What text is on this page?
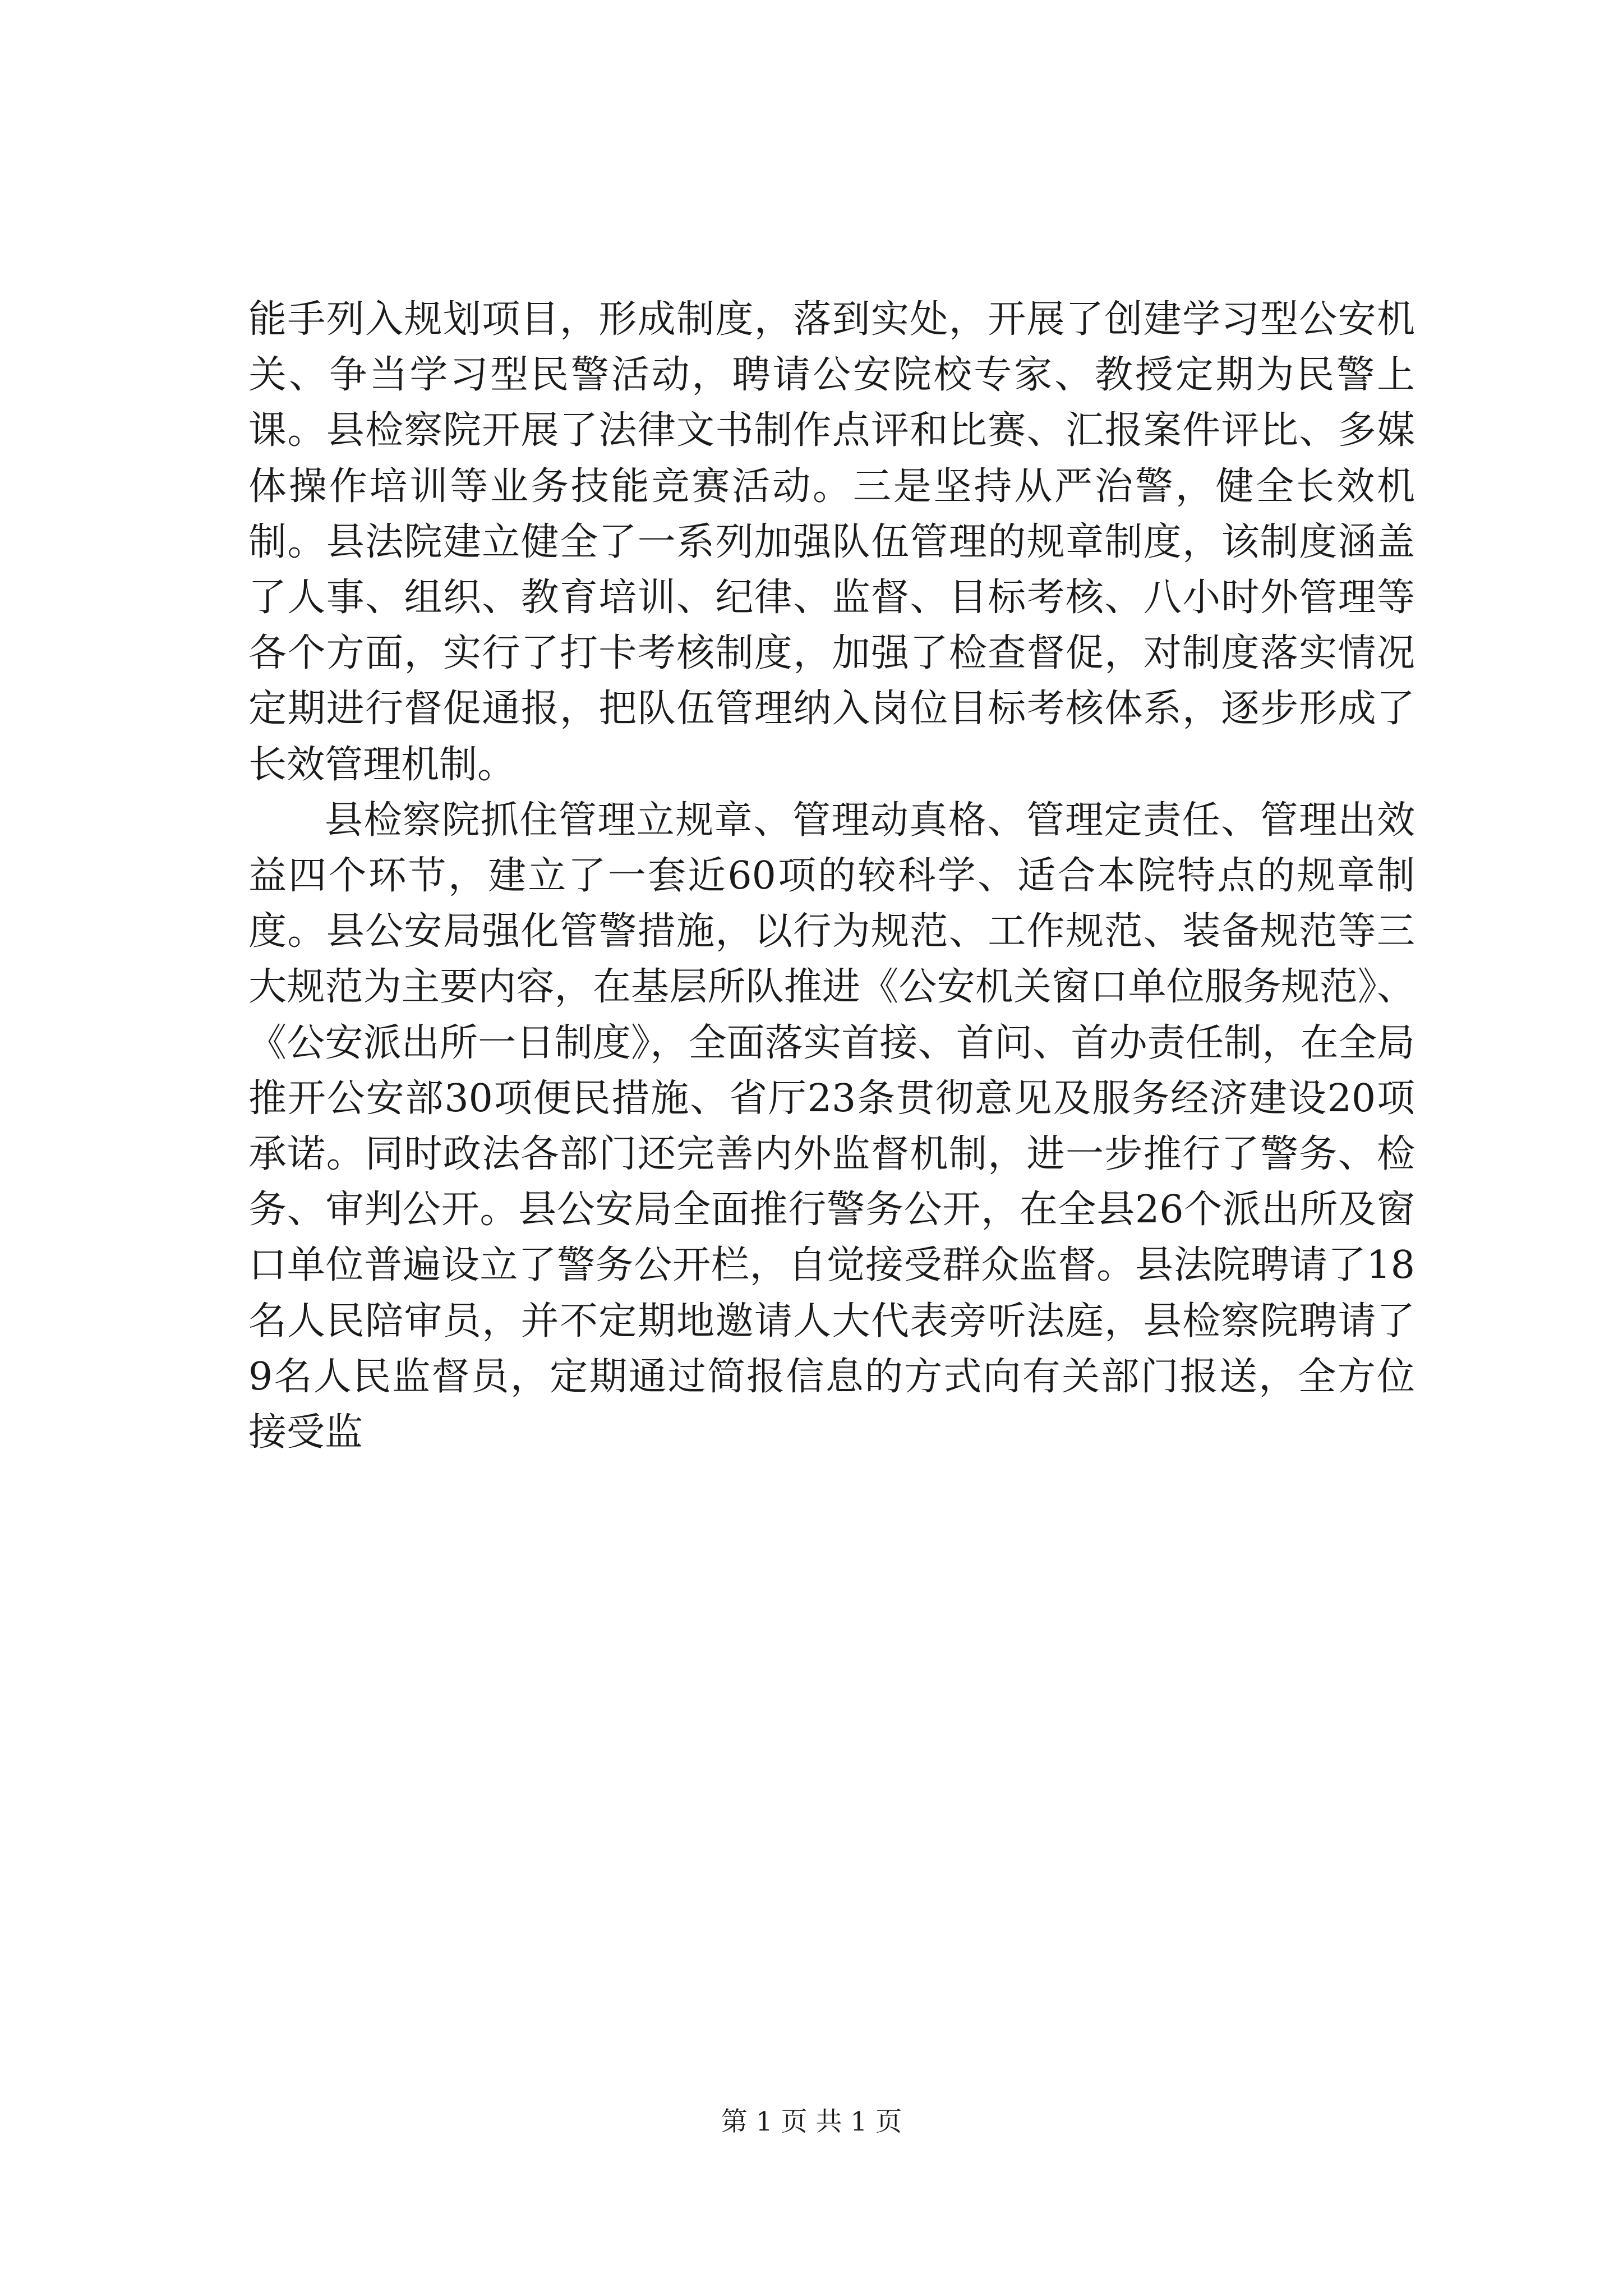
能手列入规划项目，形成制度，落到实处，开展了创建学习型公安机关、争当学习型民警活动，聘请公安院校专家、教授定期为民警上课。县检察院开展了法律文书制作点评和比赛、汇报案件评比、多媒体操作培训等业务技能竞赛活动。三是坚持从严治警，健全长效机制。县法院建立健全了一系列加强队伍管理的规章制度，该制度涵盖了人事、组织、教育培训、纪律、监督、目标考核、八小时外管理等各个方面，实行了打卡考核制度，加强了检查督促，对制度落实情况定期进行督促通报，把队伍管理纳入岗位目标考核体系，逐步形成了长效管理机制。

县检察院抓住管理立规章、管理动真格、管理定责任、管理出效益四个环节，建立了一套近60项的较科学、适合本院特点的规章制度。县公安局强化管警措施，以行为规范、工作规范、装备规范等三大规范为主要内容，在基层所队推进《公安机关窗口单位服务规范》、《公安派出所一日制度》，全面落实首接、首问、首办责任制，在全局推开公安部30项便民措施、省厅23条贯彻意见及服务经济建设20项承诺。同时政法各部门还完善内外监督机制，进一步推行了警务、检务、审判公开。县公安局全面推行警务公开，在全县26个派出所及窗口单位普遍设立了警务公开栏，自觉接受群众监督。县法院聘请了18名人民陪审员，并不定期地邀请人大代表旁听法庭，县检察院聘请了9名人民监督员，定期通过简报信息的方式向有关部门报送，全方位接受监

第 1 页 共 1 页
